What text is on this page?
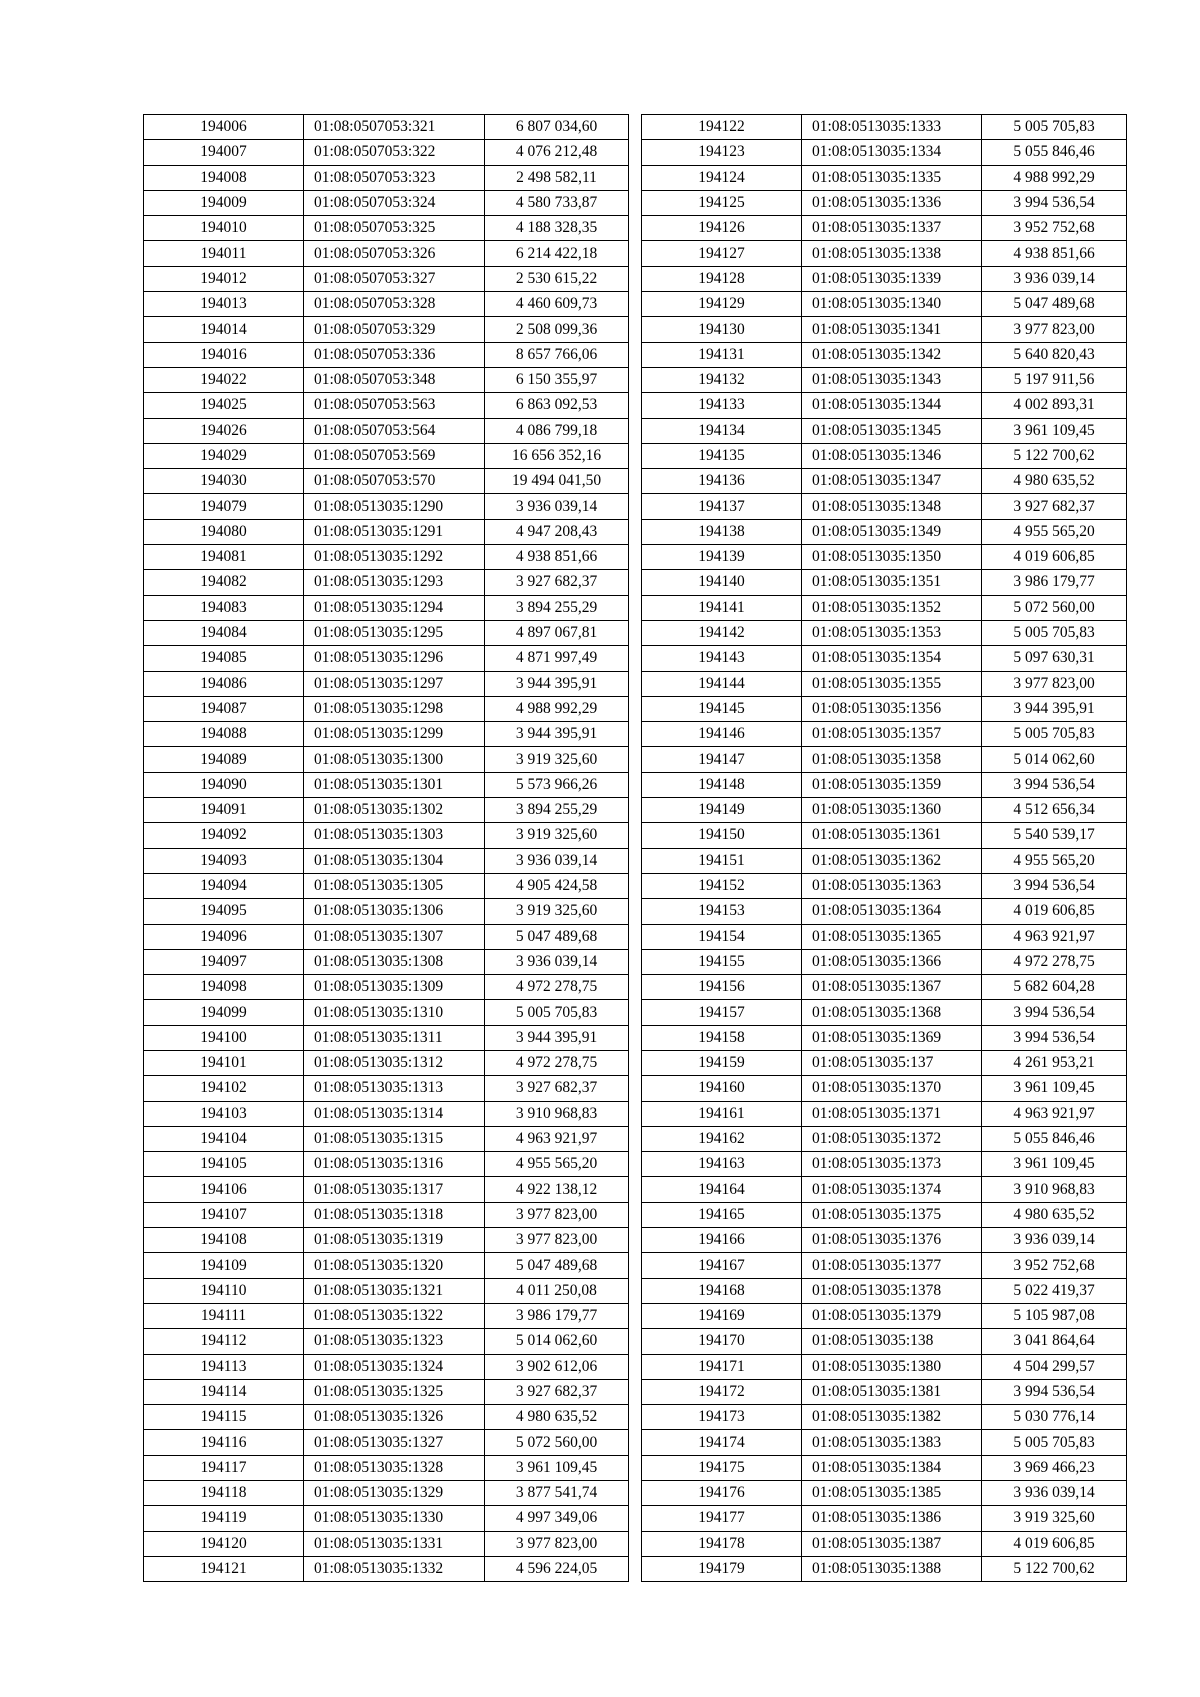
194006	01:08:0507053:321	6 807 034,60
194007	01:08:0507053:322	4 076 212,48
194008	01:08:0507053:323	2 498 582,11
194009	01:08:0507053:324	4 580 733,87
194010	01:08:0507053:325	4 188 328,35
194011	01:08:0507053:326	6 214 422,18
194012	01:08:0507053:327	2 530 615,22
194013	01:08:0507053:328	4 460 609,73
194014	01:08:0507053:329	2 508 099,36
194016	01:08:0507053:336	8 657 766,06
194022	01:08:0507053:348	6 150 355,97
194025	01:08:0507053:563	6 863 092,53
194026	01:08:0507053:564	4 086 799,18
194029	01:08:0507053:569	16 656 352,16
194030	01:08:0507053:570	19 494 041,50
194079	01:08:0513035:1290	3 936 039,14
194080	01:08:0513035:1291	4 947 208,43
194081	01:08:0513035:1292	4 938 851,66
194082	01:08:0513035:1293	3 927 682,37
194083	01:08:0513035:1294	3 894 255,29
194084	01:08:0513035:1295	4 897 067,81
194085	01:08:0513035:1296	4 871 997,49
194086	01:08:0513035:1297	3 944 395,91
194087	01:08:0513035:1298	4 988 992,29
194088	01:08:0513035:1299	3 944 395,91
194089	01:08:0513035:1300	3 919 325,60
194090	01:08:0513035:1301	5 573 966,26
194091	01:08:0513035:1302	3 894 255,29
194092	01:08:0513035:1303	3 919 325,60
194093	01:08:0513035:1304	3 936 039,14
194094	01:08:0513035:1305	4 905 424,58
194095	01:08:0513035:1306	3 919 325,60
194096	01:08:0513035:1307	5 047 489,68
194097	01:08:0513035:1308	3 936 039,14
194098	01:08:0513035:1309	4 972 278,75
194099	01:08:0513035:1310	5 005 705,83
194100	01:08:0513035:1311	3 944 395,91
194101	01:08:0513035:1312	4 972 278,75
194102	01:08:0513035:1313	3 927 682,37
194103	01:08:0513035:1314	3 910 968,83
194104	01:08:0513035:1315	4 963 921,97
194105	01:08:0513035:1316	4 955 565,20
194106	01:08:0513035:1317	4 922 138,12
194107	01:08:0513035:1318	3 977 823,00
194108	01:08:0513035:1319	3 977 823,00
194109	01:08:0513035:1320	5 047 489,68
194110	01:08:0513035:1321	4 011 250,08
194111	01:08:0513035:1322	3 986 179,77
194112	01:08:0513035:1323	5 014 062,60
194113	01:08:0513035:1324	3 902 612,06
194114	01:08:0513035:1325	3 927 682,37
194115	01:08:0513035:1326	4 980 635,52
194116	01:08:0513035:1327	5 072 560,00
194117	01:08:0513035:1328	3 961 109,45
194118	01:08:0513035:1329	3 877 541,74
194119	01:08:0513035:1330	4 997 349,06
194120	01:08:0513035:1331	3 977 823,00
194121	01:08:0513035:1332	4 596 224,05
194122	01:08:0513035:1333	5 005 705,83
194123	01:08:0513035:1334	5 055 846,46
194124	01:08:0513035:1335	4 988 992,29
194125	01:08:0513035:1336	3 994 536,54
194126	01:08:0513035:1337	3 952 752,68
194127	01:08:0513035:1338	4 938 851,66
194128	01:08:0513035:1339	3 936 039,14
194129	01:08:0513035:1340	5 047 489,68
194130	01:08:0513035:1341	3 977 823,00
194131	01:08:0513035:1342	5 640 820,43
194132	01:08:0513035:1343	5 197 911,56
194133	01:08:0513035:1344	4 002 893,31
194134	01:08:0513035:1345	3 961 109,45
194135	01:08:0513035:1346	5 122 700,62
194136	01:08:0513035:1347	4 980 635,52
194137	01:08:0513035:1348	3 927 682,37
194138	01:08:0513035:1349	4 955 565,20
194139	01:08:0513035:1350	4 019 606,85
194140	01:08:0513035:1351	3 986 179,77
194141	01:08:0513035:1352	5 072 560,00
194142	01:08:0513035:1353	5 005 705,83
194143	01:08:0513035:1354	5 097 630,31
194144	01:08:0513035:1355	3 977 823,00
194145	01:08:0513035:1356	3 944 395,91
194146	01:08:0513035:1357	5 005 705,83
194147	01:08:0513035:1358	5 014 062,60
194148	01:08:0513035:1359	3 994 536,54
194149	01:08:0513035:1360	4 512 656,34
194150	01:08:0513035:1361	5 540 539,17
194151	01:08:0513035:1362	4 955 565,20
194152	01:08:0513035:1363	3 994 536,54
194153	01:08:0513035:1364	4 019 606,85
194154	01:08:0513035:1365	4 963 921,97
194155	01:08:0513035:1366	4 972 278,75
194156	01:08:0513035:1367	5 682 604,28
194157	01:08:0513035:1368	3 994 536,54
194158	01:08:0513035:1369	3 994 536,54
194159	01:08:0513035:137	4 261 953,21
194160	01:08:0513035:1370	3 961 109,45
194161	01:08:0513035:1371	4 963 921,97
194162	01:08:0513035:1372	5 055 846,46
194163	01:08:0513035:1373	3 961 109,45
194164	01:08:0513035:1374	3 910 968,83
194165	01:08:0513035:1375	4 980 635,52
194166	01:08:0513035:1376	3 936 039,14
194167	01:08:0513035:1377	3 952 752,68
194168	01:08:0513035:1378	5 022 419,37
194169	01:08:0513035:1379	5 105 987,08
194170	01:08:0513035:138	3 041 864,64
194171	01:08:0513035:1380	4 504 299,57
194172	01:08:0513035:1381	3 994 536,54
194173	01:08:0513035:1382	5 030 776,14
194174	01:08:0513035:1383	5 005 705,83
194175	01:08:0513035:1384	3 969 466,23
194176	01:08:0513035:1385	3 936 039,14
194177	01:08:0513035:1386	3 919 325,60
194178	01:08:0513035:1387	4 019 606,85
194179	01:08:0513035:1388	5 122 700,62
